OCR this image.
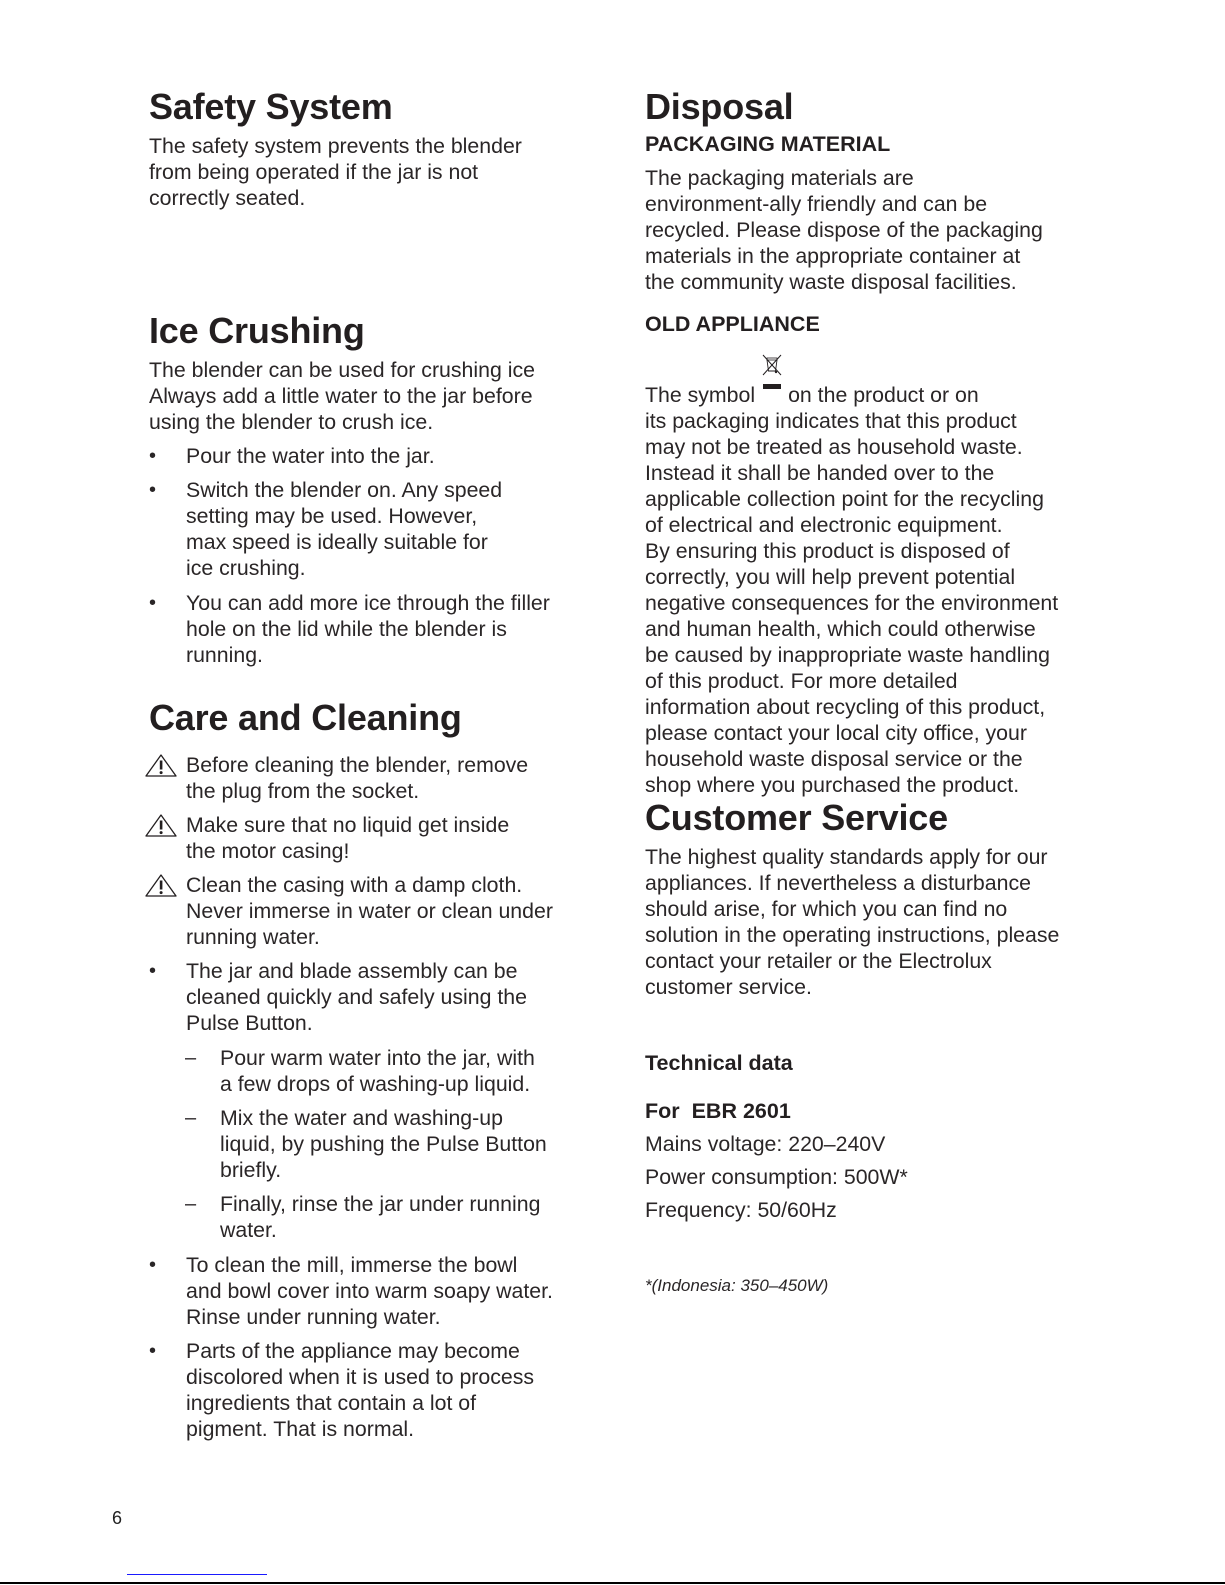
Safety System
The safety system prevents the blender
from being operated if the jar is not
correctly seated.
Ice Crushing
The blender can be used for crushing ice
Always add a little water to the jar before
using the blender to crush ice.
• Pour the water into the jar.
• Switch the blender on. Any speed
setting may be used. However,
max speed is ideally suitable for
ice crushing.
• You can add more ice through the filler
hole on the lid while the blender is
running.
Care and Cleaning
Before cleaning the blender, remove
the plug from the socket.
Make sure that no liquid get inside
the motor casing!
Clean the casing with a damp cloth.
Never immerse in water or clean under
running water.
• The jar and blade assembly can be
cleaned quickly and safely using the
Pulse Button.
– Pour warm water into the jar, with
a few drops of washing-up liquid.
– Mix the water and washing-up
liquid, by pushing the Pulse Button
briefly.
– Finally, rinse the jar under running
water.
• To clean the mill, immerse the bowl
and bowl cover into warm soapy water.
Rinse under running water.
• Parts of the appliance may become
discolored when it is used to process
ingredients that contain a lot of
pigment. That is normal.
Disposal
PACKAGING MATERIAL
The packaging materials are
environment-ally friendly and can be
recycled. Please dispose of the packaging
materials in the appropriate container at
the community waste disposal facilities.
OLD APPLIANCE
The symbol on the product or on
its packaging indicates that this product
may not be treated as household waste.
Instead it shall be handed over to the
applicable collection point for the recycling
of electrical and electronic equipment.
By ensuring this product is disposed of
correctly, you will help prevent potential
negative consequences for the environment
and human health, which could otherwise
be caused by inappropriate waste handling
of this product. For more detailed
information about recycling of this product,
please contact your local city office, your
household waste disposal service or the
shop where you purchased the product.
Customer Service
The highest quality standards apply for our
appliances. If nevertheless a disturbance
should arise, for which you can find no
solution in the operating instructions, please
contact your retailer or the Electrolux
customer service.
Technical data
For  EBR 2601
Mains voltage: 220–240V
Power consumption: 500W*
Frequency: 50/60Hz
*(Indonesia: 350–450W)
6
